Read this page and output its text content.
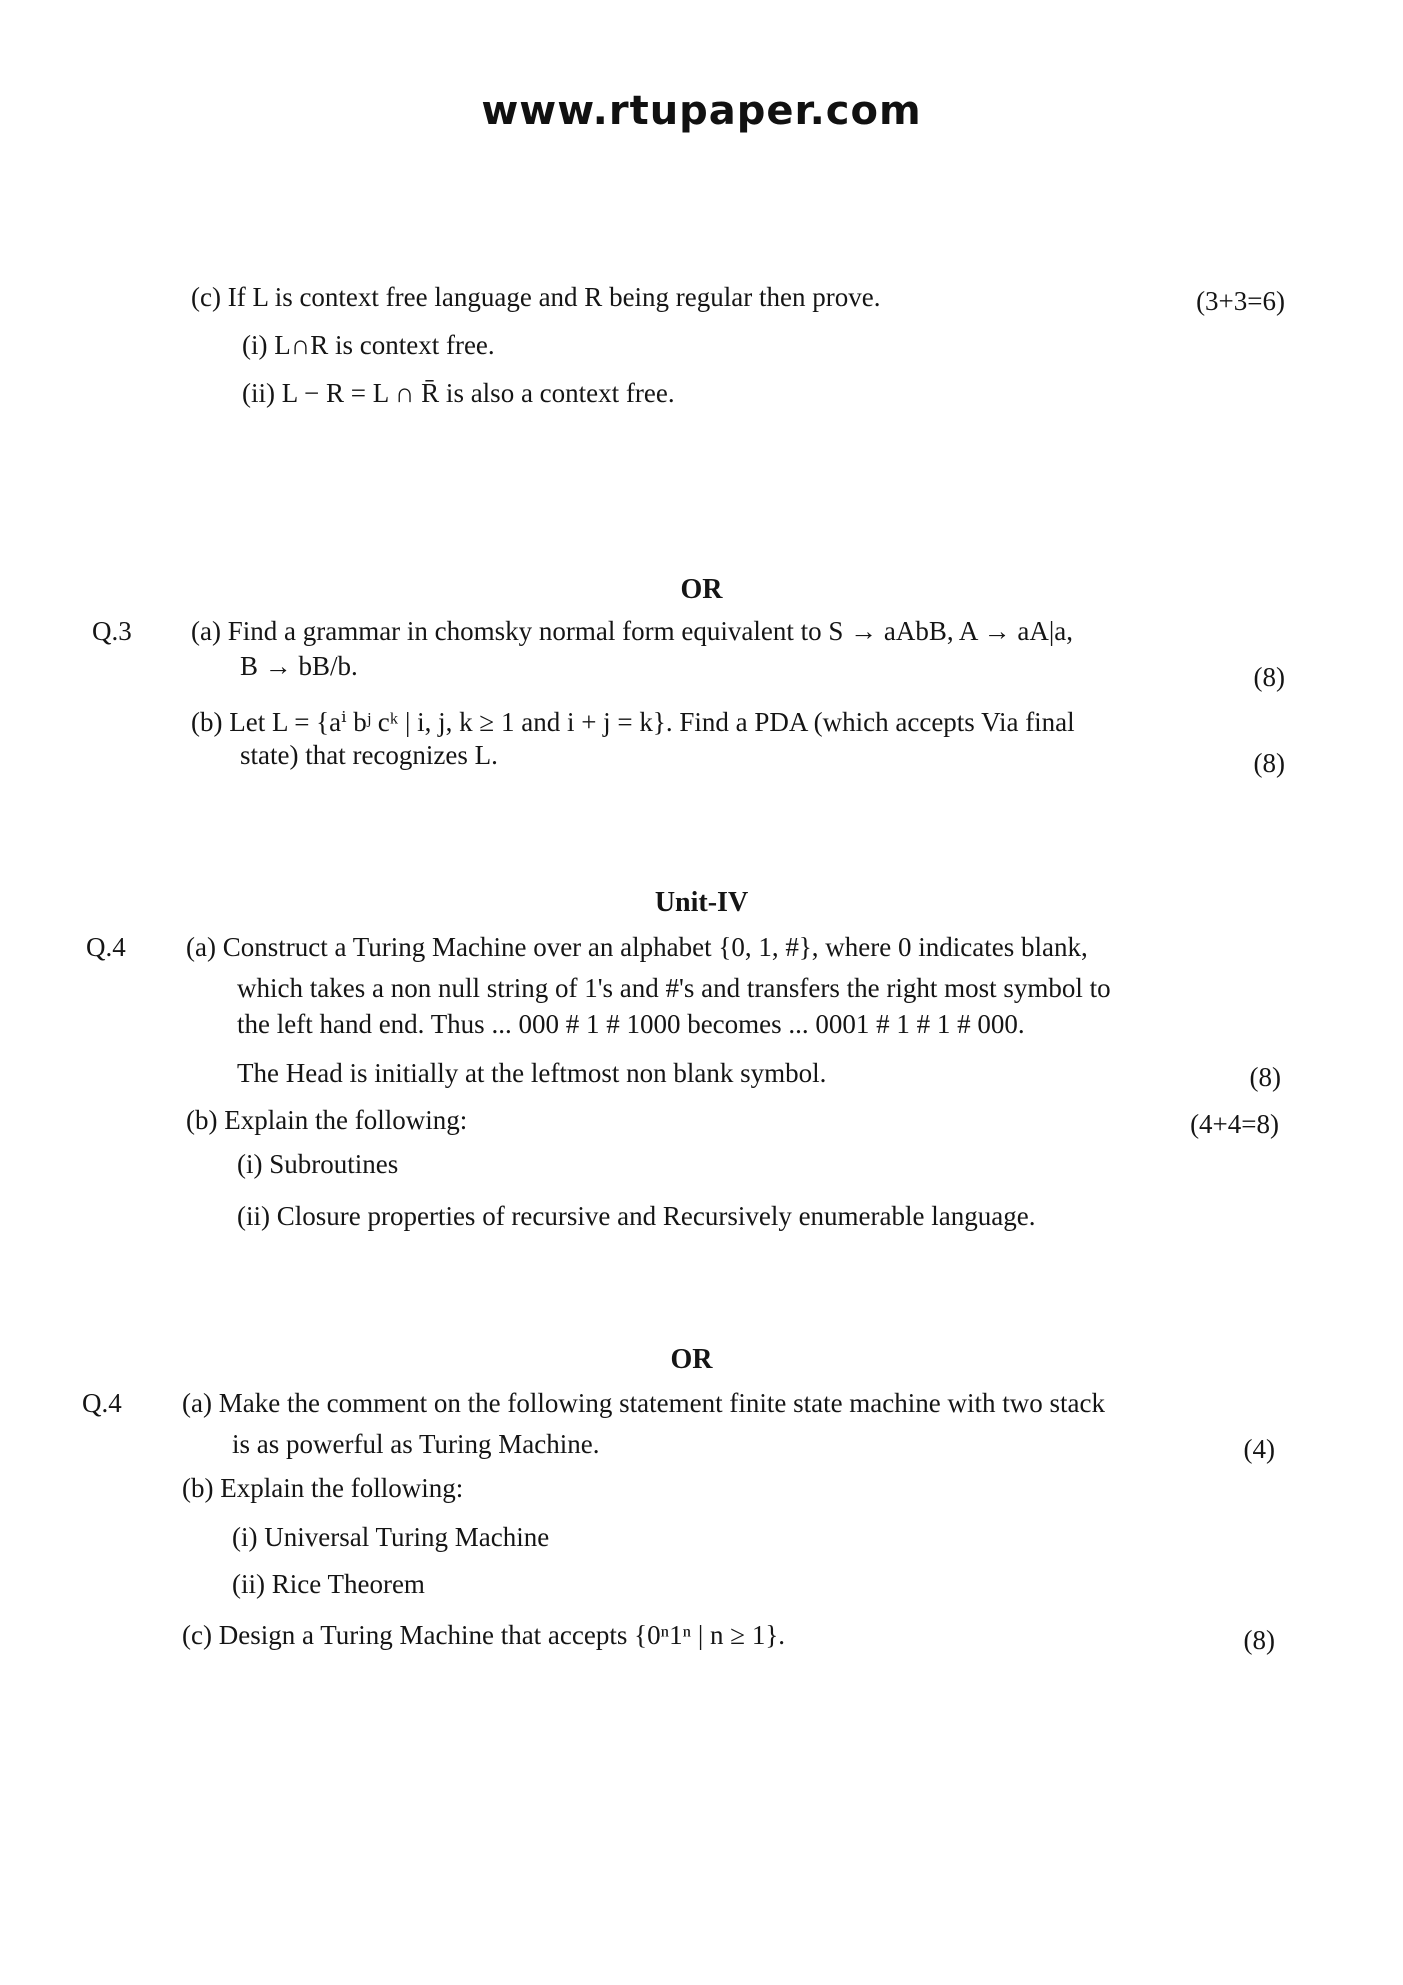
www.rtupaper.com
(c) If L is context free language and R being regular then prove.	(3+3=6)
(i) L∩R is context free.
(ii) L − R = L ∩ R̄ is also a context free.
OR
Q.3 (a) Find a grammar in chomsky normal form equivalent to S → aAbB, A → aA|a,
B → bB/b.	(8)
(b) Let L = {aⁱ bʲ cᵏ | i, j, k ≥ 1 and i + j = k}. Find a PDA (which accepts Via final
state) that recognizes L.	(8)
Unit-IV
Q.4 (a) Construct a Turing Machine over an alphabet {0, 1, #}, where 0 indicates blank,
which takes a non null string of 1's and #'s and transfers the right most symbol to
the left hand end. Thus ... 000 # 1 # 1000 becomes ... 0001 # 1 # 1 # 000.
The Head is initially at the leftmost non blank symbol.	(8)
(b) Explain the following:	(4+4=8)
(i) Subroutines
(ii) Closure properties of recursive and Recursively enumerable language.
OR
Q.4 (a) Make the comment on the following statement finite state machine with two stack
is as powerful as Turing Machine.	(4)
(b) Explain the following:
(i) Universal Turing Machine
(ii) Rice Theorem
(c) Design a Turing Machine that accepts {0ⁿ1ⁿ | n ≥ 1}.	(8)
